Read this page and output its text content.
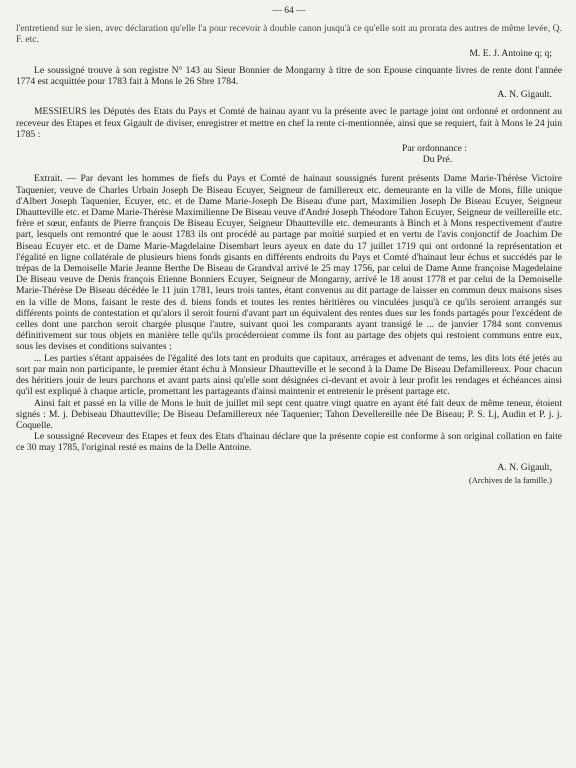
— 64 —

l'entretiend sur le sien, avec déclaration qu'elle l'a pour recevoir à double canon jusqu'à ce qu'elle soit au prorata des autres de même levée, Q. F. etc.

M. E. J. Antoine q; q;

Le soussigné trouve à son registre N° 143 au Sieur Bonnier de Mongarny à titre de son Epouse cinquante livres de rente dont l'année 1774 est acquittée pour 1783 fait à Mons le 26 Sbre 1784.

A. N. Gigault.

MESSIEURS les Députés des Etats du Pays et Comté de hainau ayant vu la présente avec le partage joint ont ordonné et ordonnent au receveur des Etapes et feux Gigault de diviser, enregistrer et mettre en chef la rente ci-mentionnée, ainsi que se requiert, fait à Mons le 24 juin 1785 :

Par ordonnance :
Du Pré.

Extrait. — Par devant les hommes de fiefs du Pays et Comté de hainaut soussignés furent présents Dame Marie-Thérèse Victoire Taquenier, veuve de Charles Urbain Joseph De Biseau Ecuyer, Seigneur de famillereux etc. demeurante en la ville de Mons, fille unique d'Albert Joseph Taquenier, Ecuyer, etc. et de Dame Marie-Joseph De Biseau d'une part, Maximilien Joseph De Biseau Ecuyer, Seigneur Dhautteville etc. et Dame Marie-Thérèse Maximilienne De Biseau veuve d'André Joseph Théodore Tahon Ecuyer, Seigneur de veillereille etc. frère et sœur, enfants de Pierre françois De Biseau Ecuyer, Seigneur Dhautteville etc. demeurants à Binch et à Mons respectivement d'autre part, lesquels ont remontré que le aoust 1783 ils ont procédé au partage par moitié surpied et en vertu de l'avis conjonctif de Joachim De Biseau Ecuyer etc. et de Dame Marie-Magdelaine Disembart leurs ayeux en date du 17 juillet 1719 qui ont ordonné la représentation et l'égalité en ligne collatérale de plusieurs biens fonds gisants en différents endroits du Pays et Comté d'hainaut leur échus et succédés par le trépas de la Demoiselle Marie Jeanne Berthe De Biseau de Grandval arrivé le 25 may 1756, par celui de Dame Anne françoise Magedelaine De Biseau veuve de Denis françois Etienne Bonniers Ecuyer, Seigneur de Mongarny, arrivé le 18 aoust 1778 et par celui de la Demoiselle Marie-Thérèse De Biseau décédée le 11 juin 1781, leurs trois tantes, étant convenus au dit partage de laisser en commun deux maisons sises en la ville de Mons, faisant le reste des d. biens fonds et toutes les rentes héritières ou vinculées jusqu'à ce qu'ils seroient arrangés sur différents points de contestation et qu'alors il seroit fourni d'avant part un équivalent des rentes dues sur les fonds partagés pour l'excédent de celles dont une parchon seroit chargée plusque l'autre, suivant quoi les comparants ayant transigé le ... de janvier 1784 sont convenus définitivement sur tous objets en manière telle qu'ils procéderoient comme ils font au partage des objets qui restoient communs entre eux, sous les devises et conditions suivantes :

... Les parties s'étant appaisées de l'égalité des lots tant en produits que capitaux, arrérages et advenant de tems, les dits lots été jetés au sort par main non participante, le premier étant échu à Monsieur Dhautteville et le second à la Dame De Biseau Defamillereux. Pour chacun des héritiers jouir de leurs parchons et avant parts ainsi qu'elle sont désignées ci-devant et avoir à leur profit les rendages et échéances ainsi qu'il est expliqué à chaque article, promettant les partageants d'ainsi maintenir et entretenir le présent partage etc.

Ainsi fait et passé en la ville de Mons le huit de juillet mil sept cent quatre vingt quatre en ayant été fait deux de même teneur, étoient signés : M. j. Debiseau Dhautteville; De Biseau Defamillereux née Taquenier; Tahon Devellereille née De Biseau; P. S. Lj, Audin et P. j. j. Coquelle.

Le soussigné Receveur des Etapes et feux des Etats d'hainau déclare que la présente copie est conforme à son original collation en faite ce 30 may 1785, l'original resté es mains de la Delle Antoine.

A. N. Gigault,
(Archives de la famille.)
